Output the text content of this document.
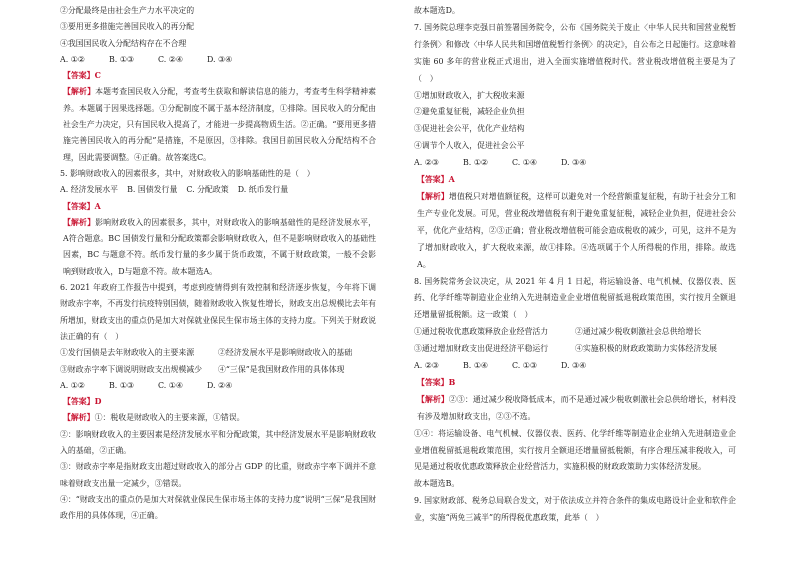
②分配最终是由社会生产力水平决定的
③要用更多措施完善国民收入的再分配
④我国国民收入分配结构存在不合理
A. ①②	B. ①③	C. ②④	D. ③④
【答案】C
【解析】本题考查国民收入分配，考查考生获取和解读信息的能力，考查考生科学精神素养。本题属于因果选择题。①分配制度不属于基本经济制度，①排除。国民收入的分配由社会生产力决定，只有国民收入提高了，才能进一步提高物质生活。②正确。“要用更多措施完善国民收入的再分配”是措施，不是原因，③排除。我国目前国民收入分配结构不合理，因此需要调整。④正确。故答案选C。
5. 影响财政收入的因素很多，其中，对财政收入的影响基础性的是（　）
A. 经济发展水平 B. 国债发行量 C. 分配政策 D. 纸币发行量
【答案】A
【解析】影响财政收入的因素很多，其中，对财政收入的影响基础性的是经济发展水平，A符合题意。BC 国债发行量和分配政策都会影响财政收入，但不是影响财政收入的基础性因素，BC 与题意不符。纸币发行量的多少属于货币政策，不属于财政政策，一般不会影响到财政收入，D与题意不符。故本题选A。
6. 2021 年政府工作报告中提到，考虑到疫情得到有效控制和经济逐步恢复，今年将下调财政赤字率，不再发行抗疫特别国债，随着财政收入恢复性增长，财政支出总规模比去年有所增加，财政支出的重点仍是加大对保就业保民生保市场主体的支持力度。下列关于财政说法正确的有（　）
①发行国债是去年财政收入的主要来源	②经济发展水平是影响财政收入的基础
③财政赤字率下调说明财政支出规模减少	④“三保”是我国财政作用的具体体现
A. ①②	B. ①③	C. ①④	D. ②④
【答案】D
【解析】①：税收是财政收入的主要来源，①错误。
②：影响财政收入的主要因素是经济发展水平和分配政策，其中经济发展水平是影响财政收入的基础，②正确。
③：财政赤字率是指财政支出超过财政收入的部分占 GDP 的比重，财政赤字率下调并不意味着财政支出量一定减少，③错误。
④：“财政支出的重点仍是加大对保就业保民生保市场主体的支持力度”说明“三保”是我国财政作用的具体体现，④正确。
故本题选D。
7. 国务院总理李克强日前签署国务院令，公布《国务院关于废止〈中华人民共和国营业税暂行条例〉和修改〈中华人民共和国增值税暂行条例〉的决定》，自公布之日起施行。这意味着实施 60 多年的营业税正式退出，进入全面实施增值税时代。营业税改增值税主要是为了（　）
①增加财政收入，扩大税收来源
②避免重复征税，减轻企业负担
③促进社会公平，优化产业结构
④调节个人收入，促进社会公平
A. ②③	B. ①②	C. ①④	D. ③④
【答案】A
【解析】增值税只对增值额征税，这样可以避免对一个经营额重复征税，有助于社会分工和生产专业化发展。可见，营业税改增值税有利于避免重复征税，减轻企业负担，促进社会公平，优化产业结构，②③正确；营业税改增值税可能会造成税收的减少，可见，这并不是为了增加财政收入，扩大税收来源，故①排除。④选项属于个人所得税的作用，排除。故选A。
8. 国务院常务会议决定，从 2021 年 4 月 1 日起，将运输设备、电气机械、仪器仪表、医药、化学纤维等制造业企业纳入先进制造业企业增值税留抵退税政策范围，实行按月全额退还增量留抵税额。这一政策（　）
①通过税收优惠政策释放企业经营活力	②通过减少税收刺激社会总供给增长
③通过增加财政支出促进经济平稳运行	④实施积极的财政政策助力实体经济发展
A. ②③	B. ①④	C. ①③	D. ③④
【答案】B
【解析】②③：通过减少税收降低成本，而不是通过减少税收刺激社会总供给增长，材料没有涉及增加财政支出，②③不选。
①④：将运输设备、电气机械、仪器仪表、医药、化学纤维等制造业企业纳入先进制造业企业增值税留抵退税政策范围，实行按月全额退还增量留抵税额，有序合理压减非税收入，可见是通过税收优惠政策释放企业经营活力，实施积极的财政政策助力实体经济发展。
故本题选B。
9. 国家财政部、税务总局联合发文，对于依法成立并符合条件的集成电路设计企业和软件企业，实施“两免三减半”的所得税优惠政策，此举（　）
